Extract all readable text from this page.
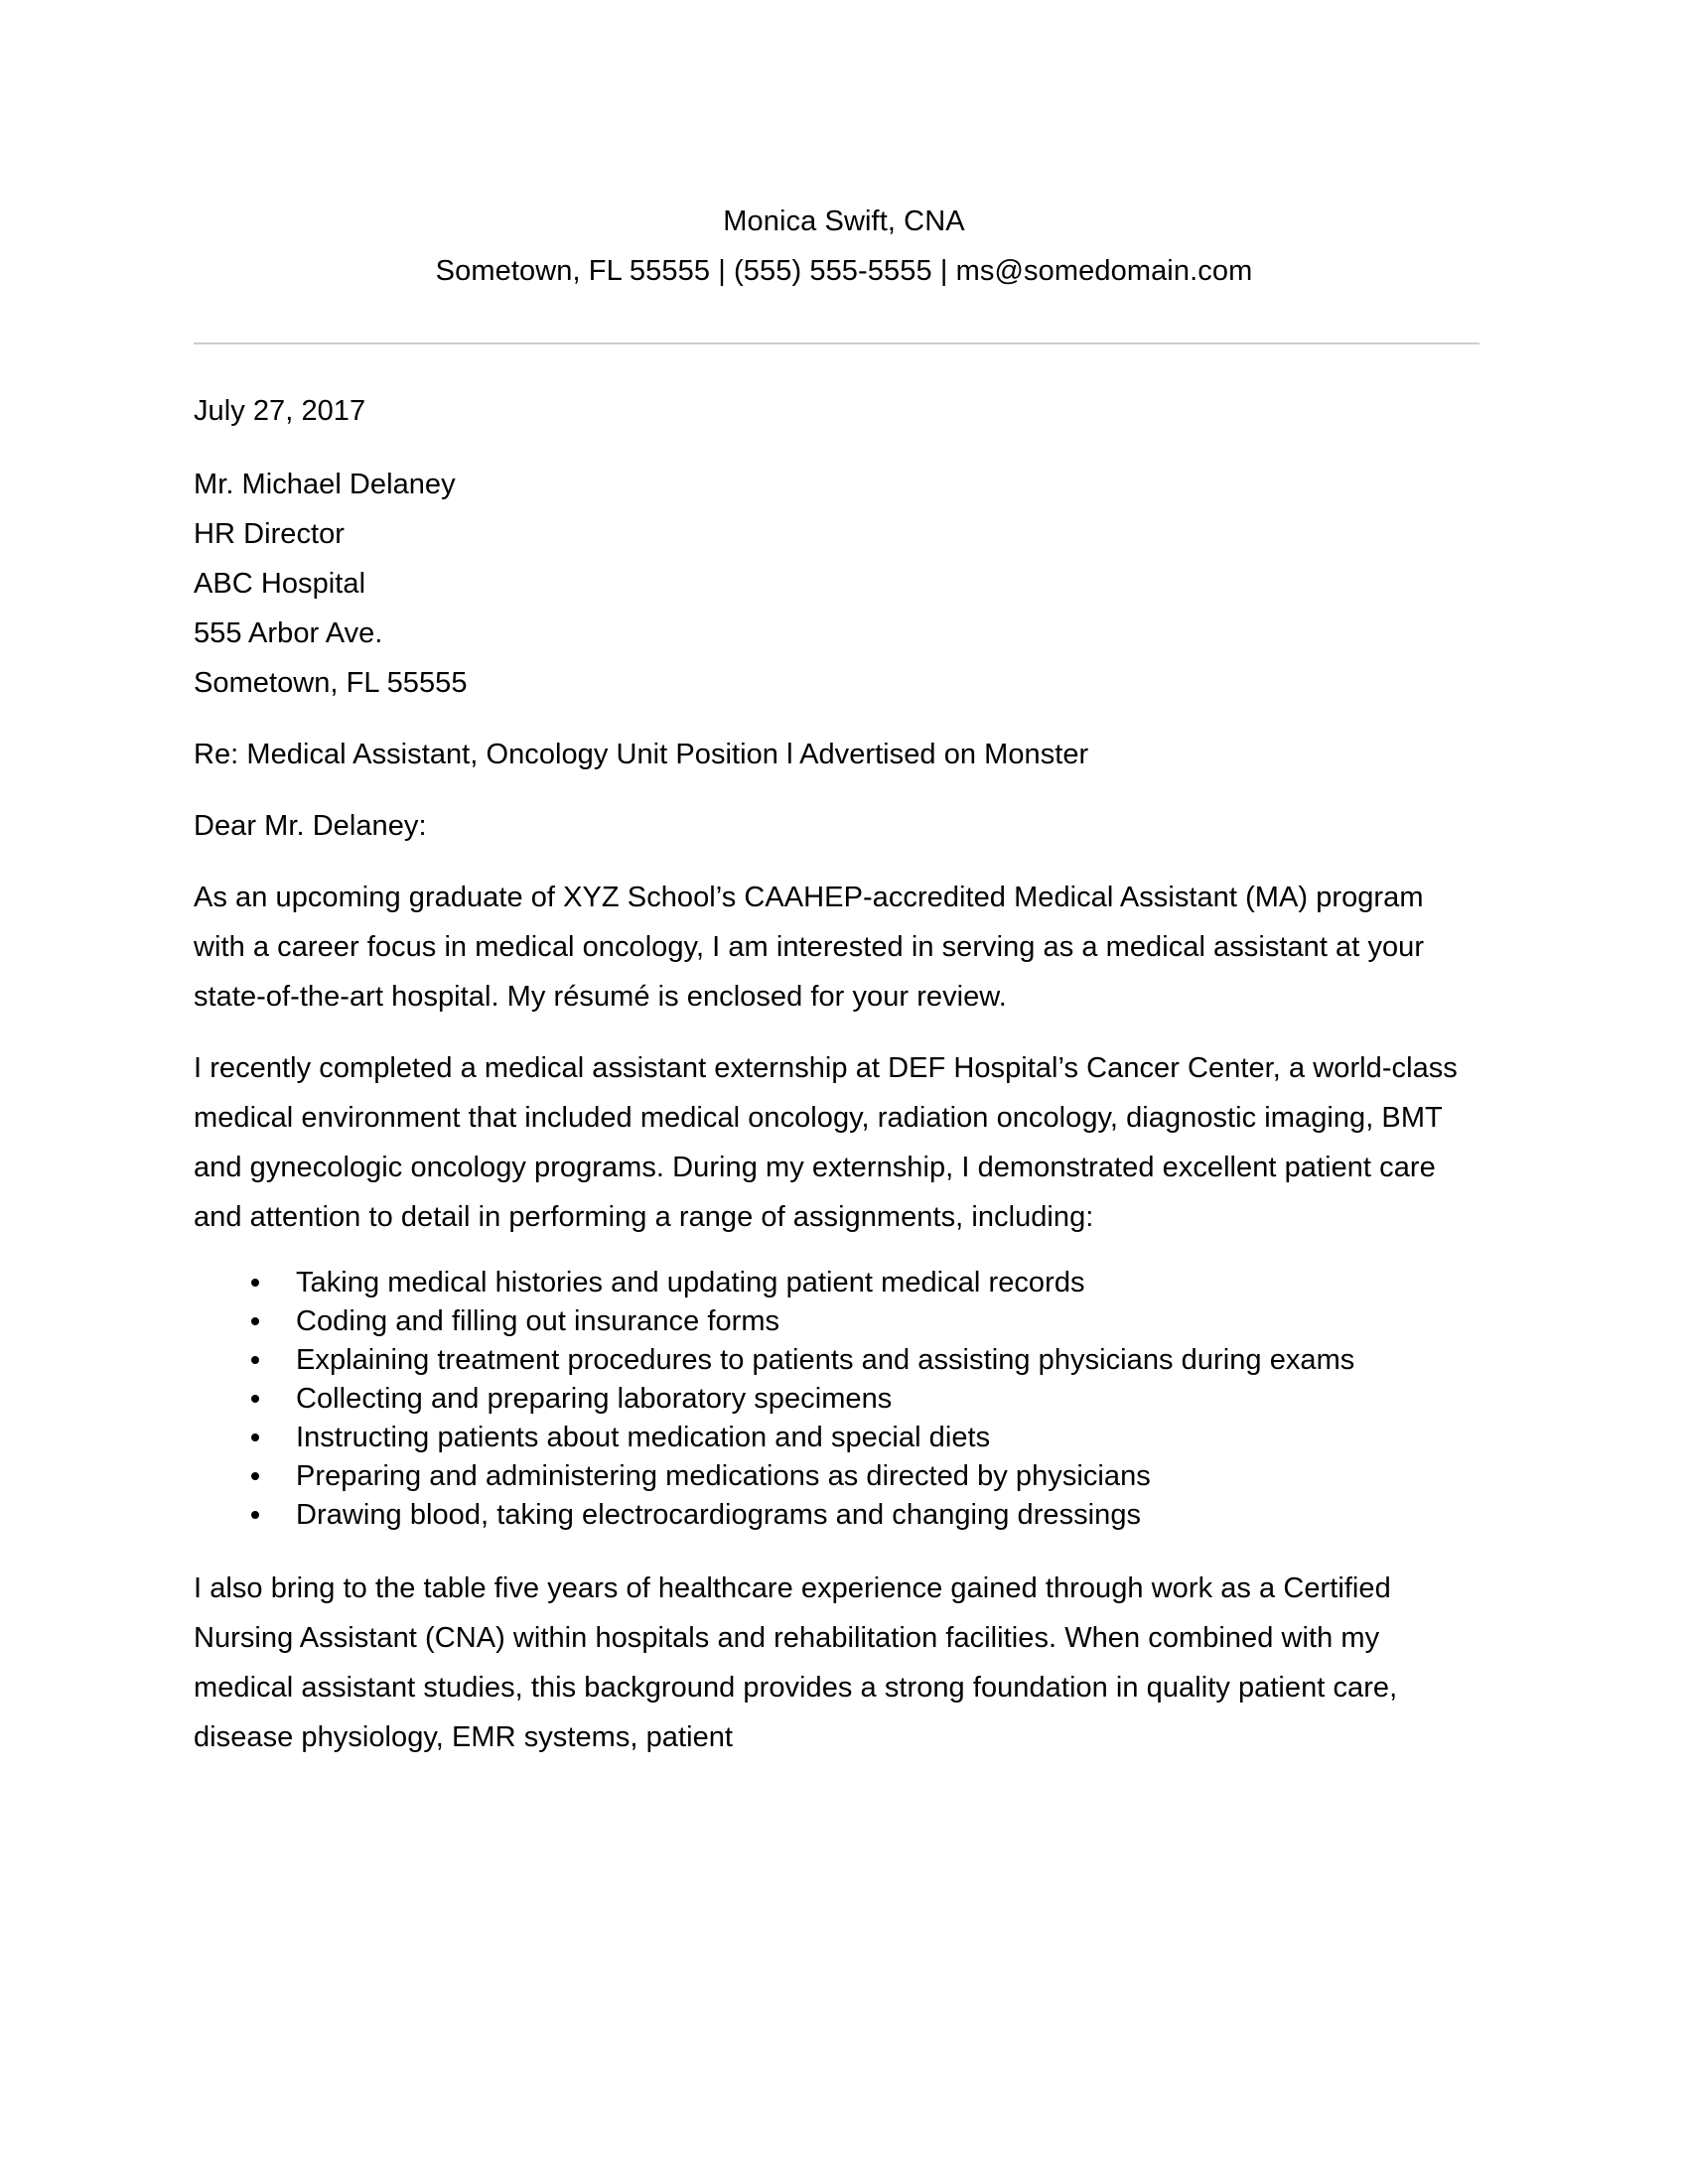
Monica Swift, CNA
Sometown, FL 55555 | (555) 555-5555 | ms@somedomain.com

July 27, 2017

Mr. Michael Delaney
HR Director
ABC Hospital
555 Arbor Ave.
Sometown, FL 55555

Re: Medical Assistant, Oncology Unit Position l Advertised on Monster

Dear Mr. Delaney:

As an upcoming graduate of XYZ School’s CAAHEP-accredited Medical Assistant (MA) program with a career focus in medical oncology, I am interested in serving as a medical assistant at your state-of-the-art hospital. My résumé is enclosed for your review.

I recently completed a medical assistant externship at DEF Hospital’s Cancer Center, a world-class medical environment that included medical oncology, radiation oncology, diagnostic imaging, BMT and gynecologic oncology programs. During my externship, I demonstrated excellent patient care and attention to detail in performing a range of assignments, including:

Taking medical histories and updating patient medical records
Coding and filling out insurance forms
Explaining treatment procedures to patients and assisting physicians during exams
Collecting and preparing laboratory specimens
Instructing patients about medication and special diets
Preparing and administering medications as directed by physicians
Drawing blood, taking electrocardiograms and changing dressings

I also bring to the table five years of healthcare experience gained through work as a Certified Nursing Assistant (CNA) within hospitals and rehabilitation facilities. When combined with my medical assistant studies, this background provides a strong foundation in quality patient care, disease physiology, EMR systems, patient
